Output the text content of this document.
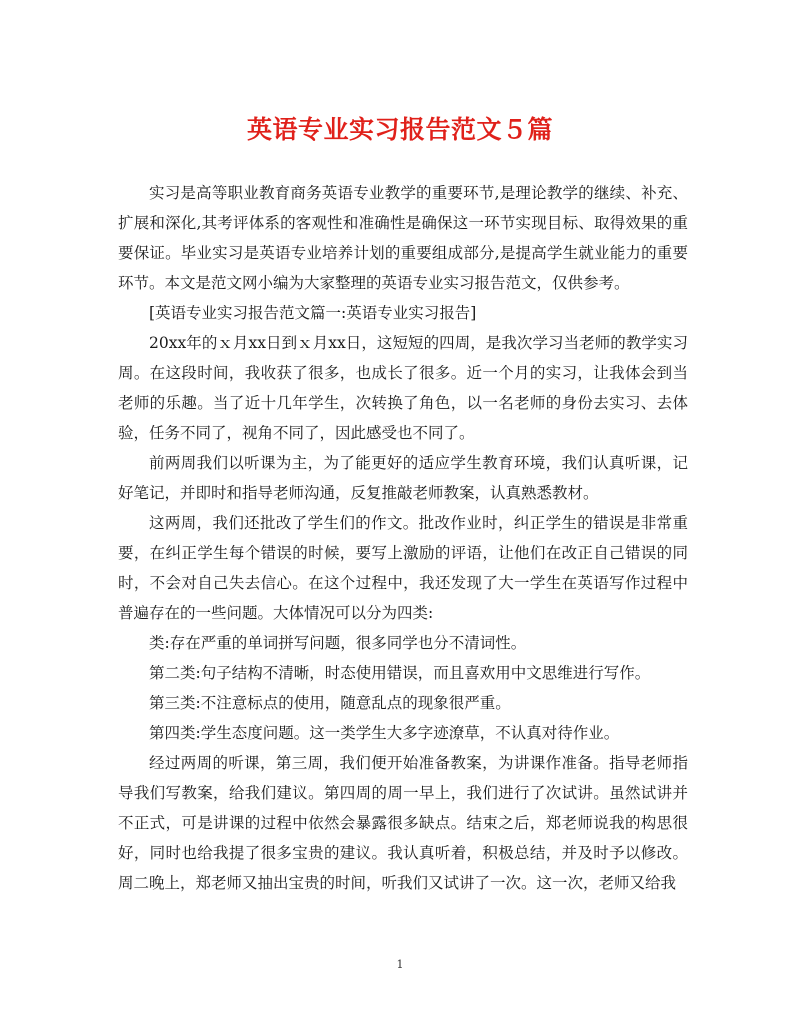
英语专业实习报告范文５篇

实习是高等职业教育商务英语专业教学的重要环节,是理论教学的继续、补充、扩展和深化,其考评体系的客观性和准确性是确保这一环节实现目标、取得效果的重要保证。毕业实习是英语专业培养计划的重要组成部分,是提高学生就业能力的重要环节。本文是范文网小编为大家整理的英语专业实习报告范文，仅供参考。

[英语专业实习报告范文篇一:英语专业实习报告]

20xx年的ｘ月xx日到ｘ月xx日，这短短的四周，是我次学习当老师的教学实习周。在这段时间，我收获了很多，也成长了很多。近一个月的实习，让我体会到当老师的乐趣。当了近十几年学生，次转换了角色，以一名老师的身份去实习、去体验，任务不同了，视角不同了，因此感受也不同了。

前两周我们以听课为主，为了能更好的适应学生教育环境，我们认真听课，记好笔记，并即时和指导老师沟通，反复推敲老师教案，认真熟悉教材。

这两周，我们还批改了学生们的作文。批改作业时，纠正学生的错误是非常重要，在纠正学生每个错误的时候，要写上激励的评语，让他们在改正自己错误的同时，不会对自己失去信心。在这个过程中，我还发现了大一学生在英语写作过程中普遍存在的一些问题。大体情况可以分为四类:

类:存在严重的单词拼写问题，很多同学也分不清词性。

第二类:句子结构不清晰，时态使用错误，而且喜欢用中文思维进行写作。

第三类:不注意标点的使用，随意乱点的现象很严重。

第四类:学生态度问题。这一类学生大多字迹潦草，不认真对待作业。

经过两周的听课，第三周，我们便开始准备教案，为讲课作准备。指导老师指导我们写教案，给我们建议。第四周的周一早上，我们进行了次试讲。虽然试讲并不正式，可是讲课的过程中依然会暴露很多缺点。结束之后，郑老师说我的构思很好，同时也给我提了很多宝贵的建议。我认真听着，积极总结，并及时予以修改。周二晚上，郑老师又抽出宝贵的时间，听我们又试讲了一次。这一次，老师又给我

1
